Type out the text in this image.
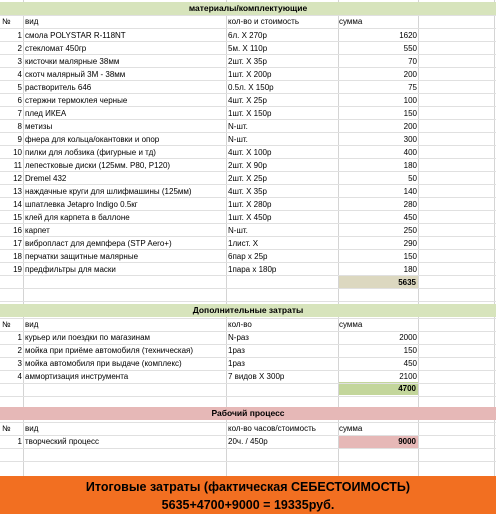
материалы/комплектующие
№	вид	кол-во и стоимость	сумма
1 смола POLYSTAR R-118NT	6л. X 270р	1620
2 стекломат 450гр	5м. X 110р	550
3 кисточки малярные 38мм	2шт. X 35р	70
4 скотч малярный 3М - 38мм	1шт. X 200р	200
5 растворитель 646	0.5л. X 150р	75
6 стержни термоклея черные	4шт. X 25р	100
7 плед ИКЕА	1шт. X 150р	150
8 метизы	N-шт.	200
9 фнера для кольца/окантовки и опор	N-шт.	300
10 пилки для лобзика (фигурные и тд)	4шт. X 100р	400
11 лепестковые диски (125мм. P80, P120)	2шт. X 90р	180
12 Dremel 432	2шт. X 25р	50
13 наждачные круги для шлифмашины (125мм)	4шт. X 35р	140
14 шпатлевка Jetapro Indigo 0.5кг	1шт. X 280р	280
15 клей для карпета в баллоне	1шт. X 450р	450
16 карпет	N-шт.	250
17 вибропласт для демпфера (STP Aero+)	1лист. X	290
18 перчатки защитные малярные	6пар x 25р	150
19 предфильтры для маски	1пара x 180р	180
5635
Дополнительные затраты
№	вид	кол-во	сумма
1 курьер или поездки по магазинам	N-раз	2000
2 мойка при приёме автомобиля (техническая)	1раз	150
3 мойка автомобиля при выдаче (комплекс)	1раз	450
4 аммортизация инструмента	7 видов X 300р	2100
4700
Рабочий процесс
№	вид	кол-во часов/стоимость	сумма
1 творческий процесс	20ч. / 450р	9000
Итоговые затраты (фактическая СЕБЕСТОИМОСТЬ)
5635+4700+9000 = 19335руб.
